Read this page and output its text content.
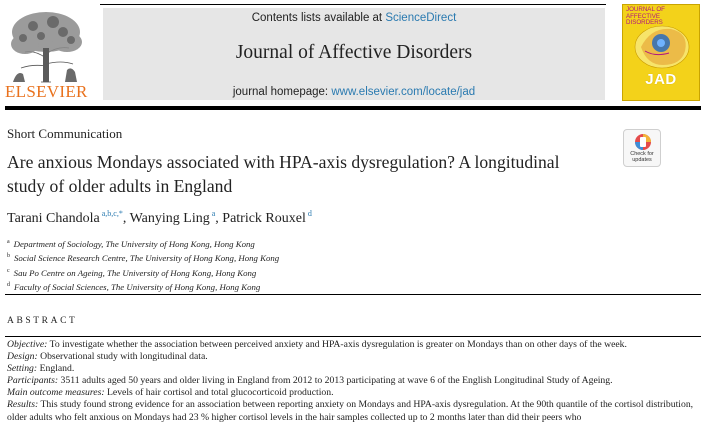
ELSEVIER
Contents lists available at ScienceDirect
Journal of Affective Disorders
journal homepage: www.elsevier.com/locate/jad
JOURNAL OF AFFECTIVE DISORDERS
JAD
Short Communication
Are anxious Mondays associated with HPA-axis dysregulation? A longitudinal study of older adults in England
Check for
updates
Tarani Chandola $^{a,b,c,*}$, Wanying Ling $^a$, Patrick Rouxel $^d$
$^a$ Department of Sociology, The University of Hong Kong, Hong Kong
$^b$ Social Science Research Centre, The University of Hong Kong, Hong Kong
$^c$ Sau Po Centre on Ageing, The University of Hong Kong, Hong Kong
$^d$ Faculty of Social Sciences, The University of Hong Kong, Hong Kong
ABSTRACT

Objective: To investigate whether the association between perceived anxiety and HPA-axis dysregulation is greater on Mondays than on other days of the week.

Design: Observational study with longitudinal data.

Setting: England.

Participants: 3511 adults aged 50 years and older living in England from 2012 to 2013 participating at wave 6 of the English Longitudinal Study of Ageing.

Main outcome measures: Levels of hair cortisol and total glucocorticoid production.

Results: This study found strong evidence for an association between reporting anxiety on Mondays and HPA-axis dysregulation. At the 90th quantile of the cortisol distribution, older adults who felt anxious on Mondays had 23 % higher cortisol levels in the hair samples collected up to 2 months later than did their peers who
